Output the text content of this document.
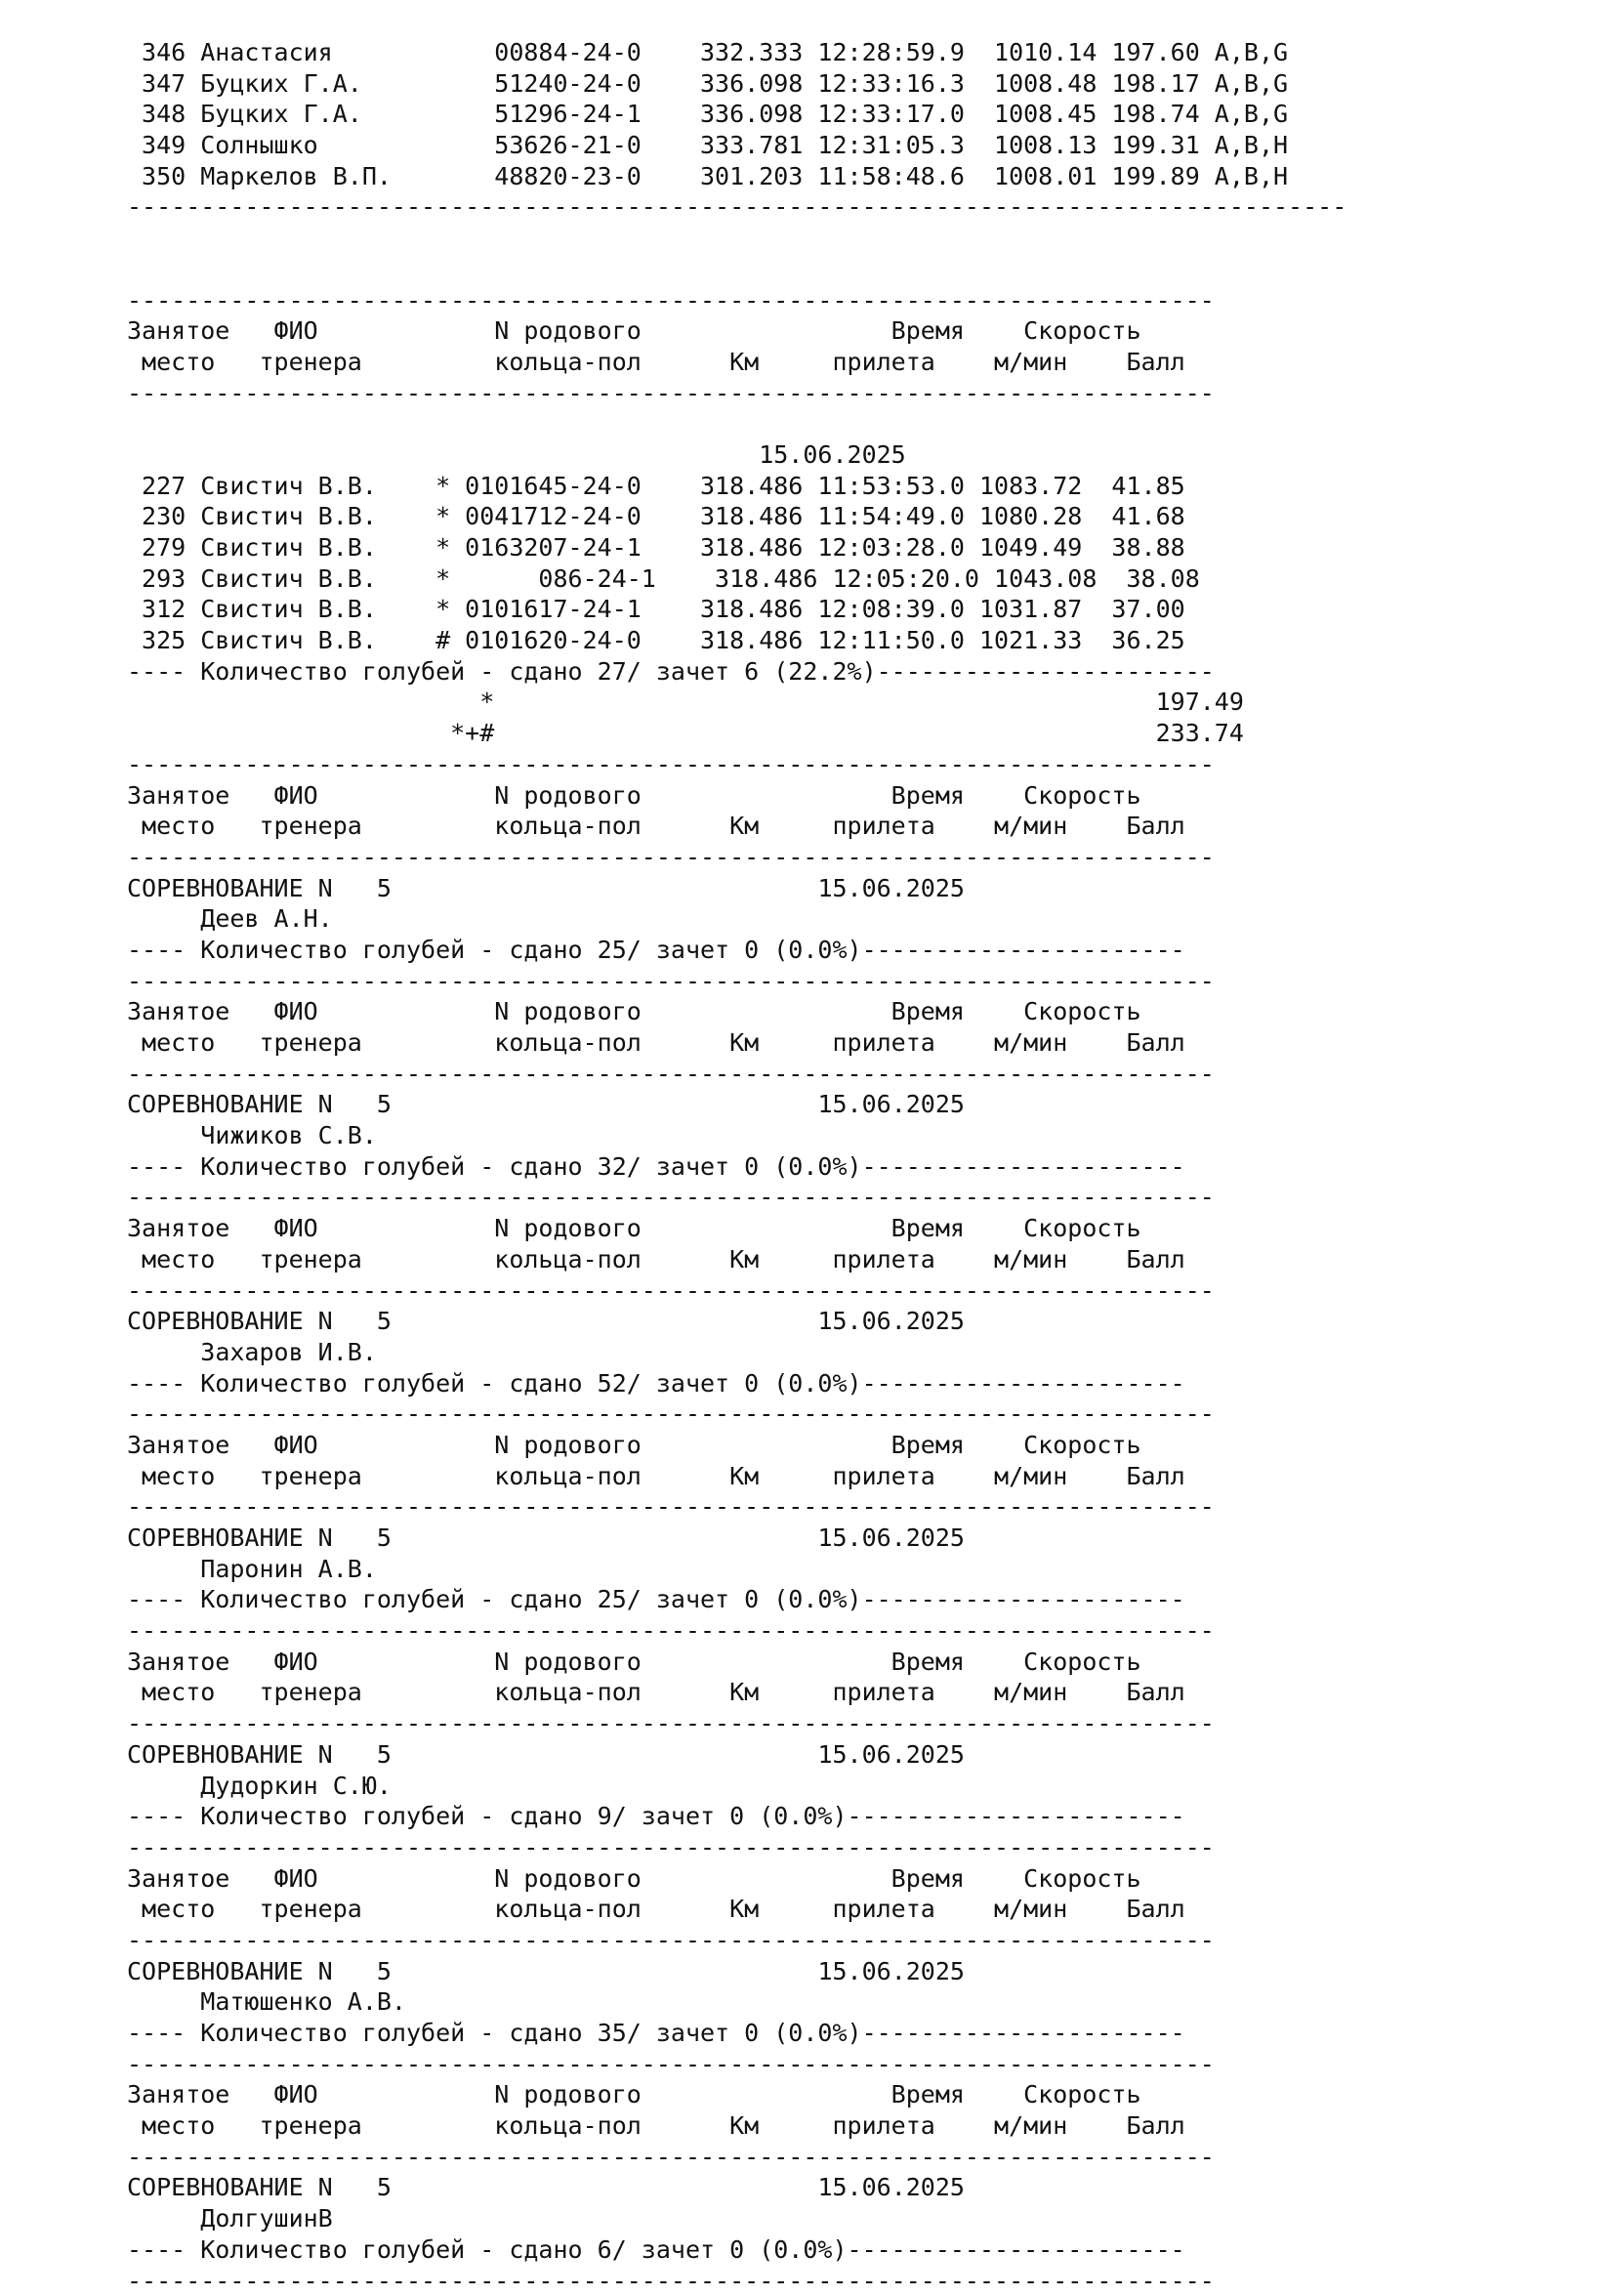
346 Анастасия           00884-24-0    332.333 12:28:59.9  1010.14 197.60 A,B,G
347 Буцких Г.А.         51240-24-0    336.098 12:33:16.3  1008.48 198.17 A,B,G
348 Буцких Г.А.         51296-24-1    336.098 12:33:17.0  1008.45 198.74 A,B,G
349 Солнышко            53626-21-0    333.781 12:31:05.3  1008.13 199.31 A,B,H
350 Маркелов В.П.       48820-23-0    301.203 11:58:48.6  1008.01 199.89 A,B,H
-----------------------------------------------------------------------------------
--------------------------------------------------------------------------
Занятое   ФИО            N родового                 Время    Скорость
место   тренера         кольца-пол      Км     прилета    м/мин    Балл
--------------------------------------------------------------------------
15.06.2025
227 Свистич В.В.    * 0101645-24-0    318.486 11:53:53.0 1083.72  41.85
230 Свистич В.В.    * 0041712-24-0    318.486 11:54:49.0 1080.28  41.68
279 Свистич В.В.    * 0163207-24-1    318.486 12:03:28.0 1049.49  38.88
293 Свистич В.В.    *      086-24-1    318.486 12:05:20.0 1043.08  38.08
312 Свистич В.В.    * 0101617-24-1    318.486 12:08:39.0 1031.87  37.00
325 Свистич В.В.    # 0101620-24-0    318.486 12:11:50.0 1021.33  36.25
---- Количество голубей - сдано 27/ зачет 6 (22.2%)-----------------------
*                                             197.49
*+#                                             233.74
--------------------------------------------------------------------------
Занятое   ФИО            N родового                 Время    Скорость
место   тренера         кольца-пол      Км     прилета    м/мин    Балл
--------------------------------------------------------------------------
СОРЕВНОВАНИЕ N   5	15.06.2025
Деев А.Н.
---- Количество голубей - сдано 25/ зачет 0 (0.0%)----------------------
--------------------------------------------------------------------------
Занятое   ФИО            N родового                 Время    Скорость
место   тренера         кольца-пол      Км     прилета    м/мин    Балл
--------------------------------------------------------------------------
СОРЕВНОВАНИЕ N   5	15.06.2025
Чижиков С.В.
---- Количество голубей - сдано 32/ зачет 0 (0.0%)----------------------
--------------------------------------------------------------------------
Занятое   ФИО            N родового                 Время    Скорость
место   тренера         кольца-пол      Км     прилета    м/мин    Балл
--------------------------------------------------------------------------
СОРЕВНОВАНИЕ N   5	15.06.2025
Захаров И.В.
---- Количество голубей - сдано 52/ зачет 0 (0.0%)----------------------
--------------------------------------------------------------------------
Занятое   ФИО            N родового                 Время    Скорость
место   тренера         кольца-пол      Км     прилета    м/мин    Балл
--------------------------------------------------------------------------
СОРЕВНОВАНИЕ N   5	15.06.2025
Паронин А.В.
---- Количество голубей - сдано 25/ зачет 0 (0.0%)----------------------
--------------------------------------------------------------------------
Занятое   ФИО            N родового                 Время    Скорость
место   тренера         кольца-пол      Км     прилета    м/мин    Балл
--------------------------------------------------------------------------
СОРЕВНОВАНИЕ N   5	15.06.2025
Дудоркин С.Ю.
---- Количество голубей - сдано 9/ зачет 0 (0.0%)-----------------------
--------------------------------------------------------------------------
Занятое   ФИО            N родового                 Время    Скорость
место   тренера         кольца-пол      Км     прилета    м/мин    Балл
--------------------------------------------------------------------------
СОРЕВНОВАНИЕ N   5	15.06.2025
Матюшенко А.В.
---- Количество голубей - сдано 35/ зачет 0 (0.0%)----------------------
--------------------------------------------------------------------------
Занятое   ФИО            N родового                 Время    Скорость
место   тренера         кольца-пол      Км     прилета    м/мин    Балл
--------------------------------------------------------------------------
СОРЕВНОВАНИЕ N   5	15.06.2025
ДолгушинВ
---- Количество голубей - сдано 6/ зачет 0 (0.0%)-----------------------
--------------------------------------------------------------------------
